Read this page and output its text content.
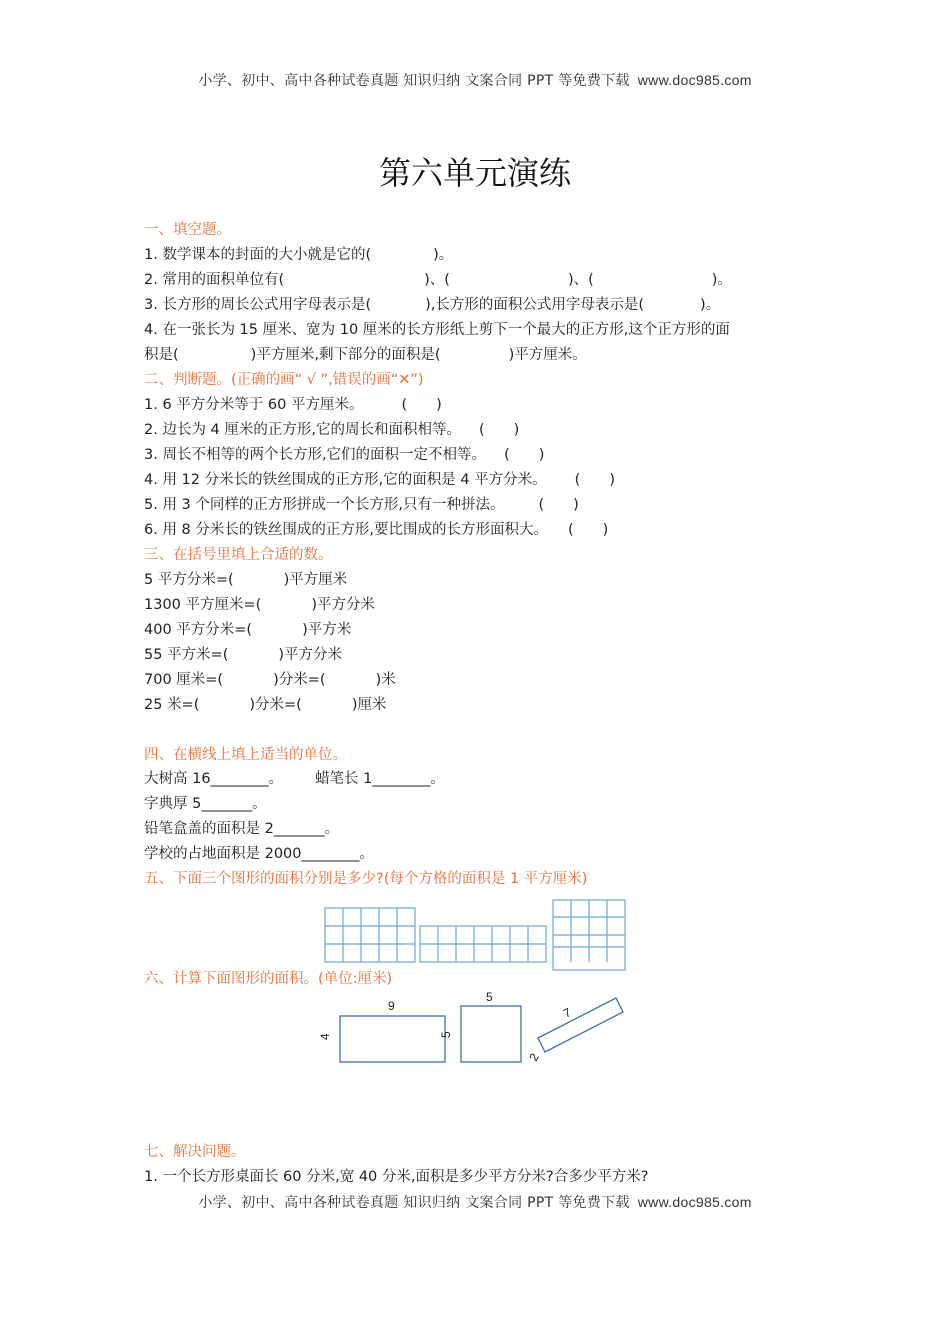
小学、初中、高中各种试卷真题 知识归纳 文案合同 PPT 等免费下载 www.doc985.com
第六单元演练
一、填空题。
1. 数学课本的封面的大小就是它的(	)。
2. 常用的面积单位有(	)、(	)、(	)。
3. 长方形的周长公式用字母表示是(	),长方形的面积公式用字母表示是(	)。
4. 在一张长为 15 厘米、宽为 10 厘米的长方形纸上剪下一个最大的正方形,这个正方形的面
积是(	)平方厘米,剩下部分的面积是(	)平方厘米。
二、判断题。(正确的画“ √ ”,错误的画“✕”)
1. 6 平方分米等于 60 平方厘米。	(　　)
2. 边长为 4 厘米的正方形,它的周长和面积相等。 (　　)
3. 周长不相等的两个长方形,它们的面积一定不相等。 (　　)
4. 用 12 分米长的铁丝围成的正方形,它的面积是 4 平方分米。 (　　)
5. 用 3 个同样的正方形拼成一个长方形,只有一种拼法。 (　　)
6. 用 8 分米长的铁丝围成的正方形,要比围成的长方形面积大。 (　　)
三、在括号里填上合适的数。
5 平方分米=(	)平方厘米
1300 平方厘米=(	)平方分米
400 平方分米=(	)平方米
55 平方米=(	)平方分米
700 厘米=(	)分米=(	)米
25 米=(	)分米=(	)厘米
四、在横线上填上适当的单位。
大树高 16________。 蜡笔长 1________。
字典厚 5_______。
铅笔盒盖的面积是 2_______。
学校的占地面积是 2000________。
五、下面三个图形的面积分别是多少?(每个方格的面积是 1 平方厘米)
六、计算下面图形的面积。(单位:厘米)
9
4
5
5
7
2
七、解决问题。
1. 一个长方形桌面长 60 分米,宽 40 分米,面积是多少平方分米?合多少平方米?
小学、初中、高中各种试卷真题 知识归纳 文案合同 PPT 等免费下载 www.doc985.com
